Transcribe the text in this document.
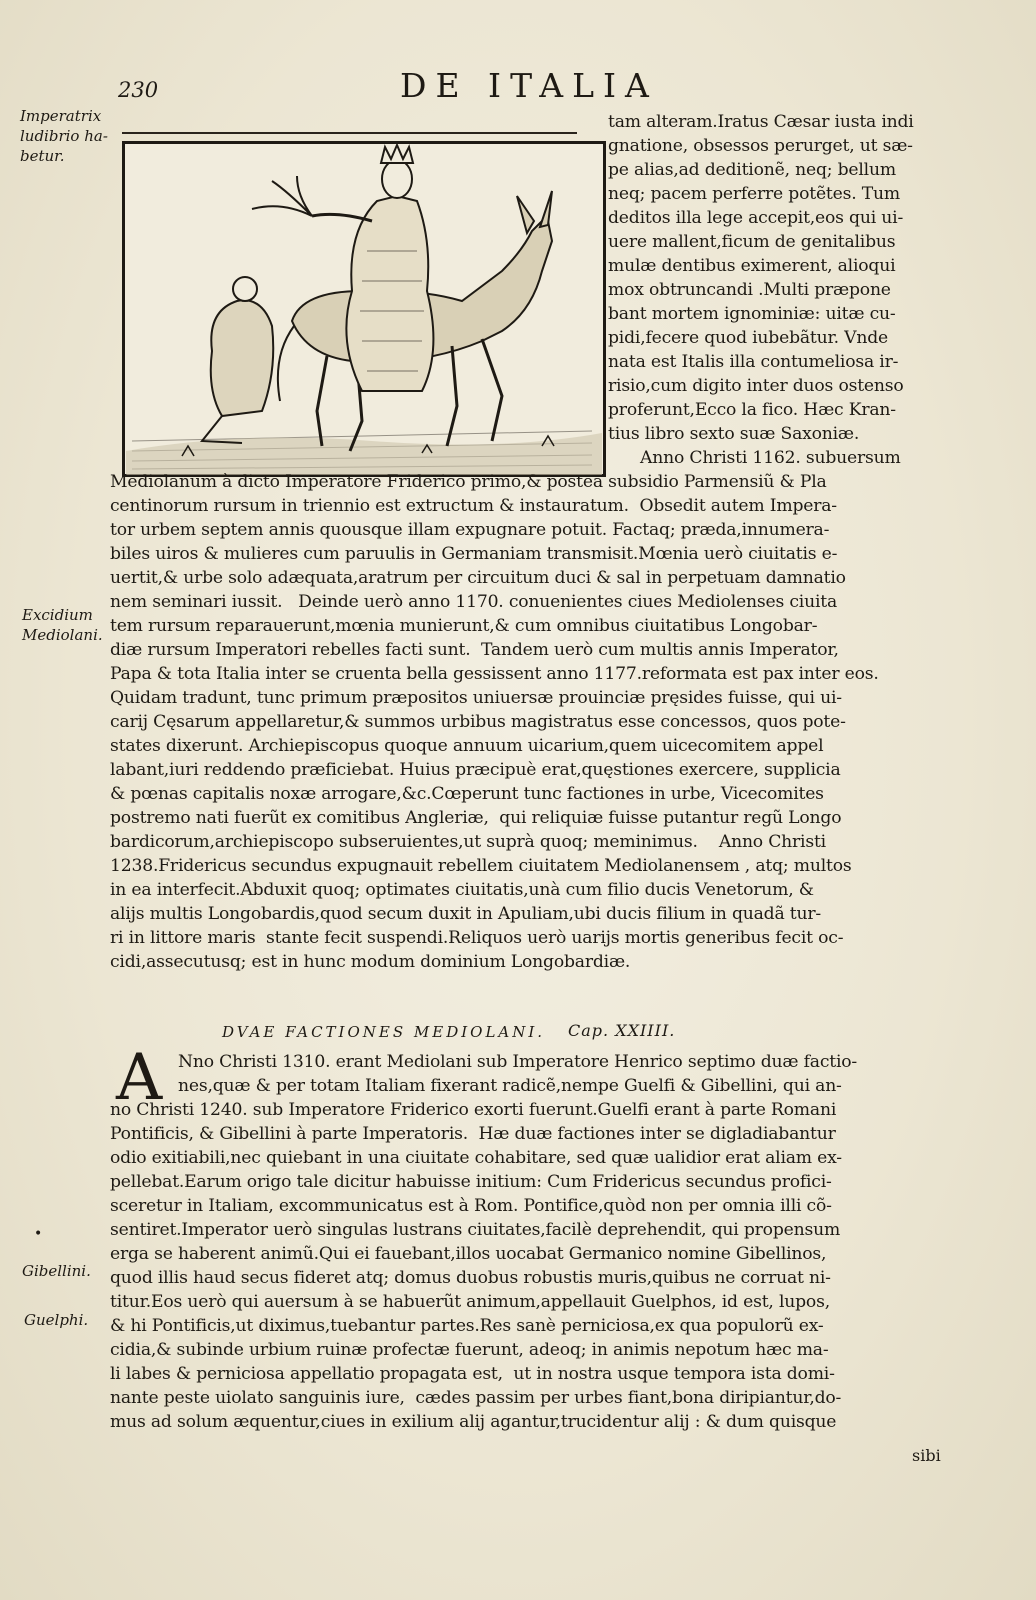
230	DE ITALIA
Imperatrix
ludibrio ha-
betur.
Excidium
Mediolani.
Gibellini.
Guelphi.
tam alteram.Iratus Cæsar iusta indi
gnatione, obsessos perurget, ut sæ-
pe alias,ad deditionẽ, neq; bellum
neq; pacem perferre potẽtes. Tum
deditos illa lege accepit,eos qui ui-
uere mallent,ficum de genitalibus
mulæ dentibus eximerent, alioqui
mox obtruncandi .Multi præpone
bant mortem ignominiæ: uitæ cu-
pidi,fecere quod iubebãtur. Vnde
nata est Italis illa contumeliosa ir-
risio,cum digito inter duos ostenso
proferunt,Ecco la fico. Hæc Kran-
tius libro sexto suæ Saxoniæ.
Anno Christi 1162. subuersum
Mediolanum à dicto Imperatore Friderico primo,& postea subsidio Parmensiũ & Pla
centinorum rursum in triennio est extructum & instauratum.  Obsedit autem Impera-
tor urbem septem annis quousque illam expugnare potuit. Factaq; præda,innumera-
biles uiros & mulieres cum paruulis in Germaniam transmisit.Mœnia uerò ciuitatis e-
uertit,& urbe solo adæquata,aratrum per circuitum duci & sal in perpetuam damnatio
nem seminari iussit.   Deinde uerò anno 1170. conuenientes ciues Mediolenses ciuita
tem rursum reparauerunt,mœnia munierunt,& cum omnibus ciuitatibus Longobar-
diæ rursum Imperatori rebelles facti sunt.  Tandem uerò cum multis annis Imperator,
Papa & tota Italia inter se cruenta bella gessissent anno 1177.reformata est pax inter eos.
Quidam tradunt, tunc primum præpositos uniuersæ prouinciæ pręsides fuisse, qui ui-
carij Cęsarum appellaretur,& summos urbibus magistratus esse concessos, quos pote-
states dixerunt. Archiepiscopus quoque annuum uicarium,quem uicecomitem appel
labant,iuri reddendo præficiebat. Huius præcipuè erat,quęstiones exercere, supplicia
& pœnas capitalis noxæ arrogare,&c.Cœperunt tunc factiones in urbe, Vicecomites
postremo nati fuerũt ex comitibus Angleriæ,  qui reliquiæ fuisse putantur regũ Longo
bardicorum,archiepiscopo subseruientes,ut suprà quoq; meminimus.    Anno Christi
1238.Fridericus secundus expugnauit rebellem ciuitatem Mediolanensem , atq; multos
in ea interfecit.Abduxit quoq; optimates ciuitatis,unà cum filio ducis Venetorum, &
alijs multis Longobardis,quod secum duxit in Apuliam,ubi ducis filium in quadã tur-
ri in littore maris  stante fecit suspendi.Reliquos uerò uarijs mortis generibus fecit oc-
cidi,assecutusq; est in hunc modum dominium Longobardiæ.
DVAE FACTIONES MEDIOLANI. Cap. XXIIII.
A Nno Christi 1310. erant Mediolani sub Imperatore Henrico septimo duæ factio-
nes,quæ & per totam Italiam fixerant radicẽ,nempe Guelfi & Gibellini, qui an-
no Christi 1240. sub Imperatore Friderico exorti fuerunt.Guelfi erant à parte Romani
Pontificis, & Gibellini à parte Imperatoris.  Hæ duæ factiones inter se digladiabantur
odio exitiabili,nec quiebant in una ciuitate cohabitare, sed quæ ualidior erat aliam ex-
pellebat.Earum origo tale dicitur habuisse initium: Cum Fridericus secundus profici-
sceretur in Italiam, excommunicatus est à Rom. Pontifice,quòd non per omnia illi cõ-
sentiret.Imperator uerò singulas lustrans ciuitates,facilè deprehendit, qui propensum
erga se haberent animũ.Qui ei fauebant,illos uocabat Germanico nomine Gibellinos,
quod illis haud secus fideret atq; domus duobus robustis muris,quibus ne corruat ni-
titur.Eos uerò qui auersum à se habuerũt animum,appellauit Guelphos, id est, lupos,
& hi Pontificis,ut diximus,tuebantur partes.Res sanè perniciosa,ex qua populorũ ex-
cidia,& subinde urbium ruinæ profectæ fuerunt, adeoq; in animis nepotum hæc ma-
li labes & perniciosa appellatio propagata est,  ut in nostra usque tempora ista domi-
nante peste uiolato sanguinis iure,  cædes passim per urbes fiant,bona diripiantur,do-
mus ad solum æquentur,ciues in exilium alij agantur,trucidentur alij : & dum quisque
sibi
•
